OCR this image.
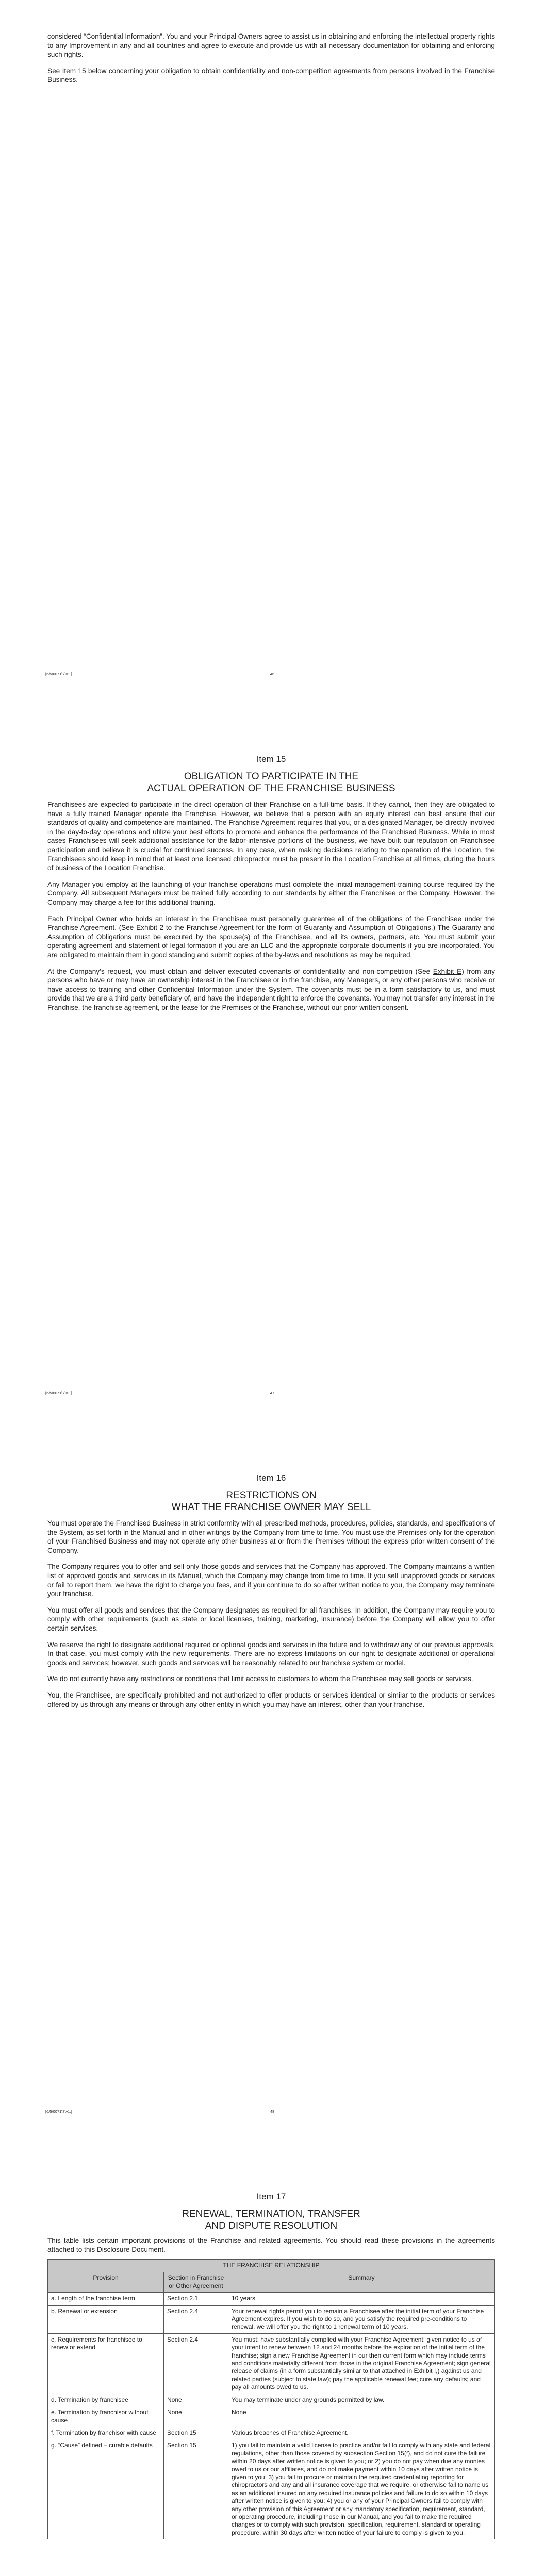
considered “Confidential Information”. You and your Principal Owners agree to assist us in obtaining and enforcing the intellectual property rights to any Improvement in any and all countries and agree to execute and provide us with all necessary documentation for obtaining and enforcing such rights.

See Item 15 below concerning your obligation to obtain confidentiality and non-competition agreements from persons involved in the Franchise Business.

[6/5/0071\7\v1.]	46
Item 15
OBLIGATION TO PARTICIPATE IN THE
ACTUAL OPERATION OF THE FRANCHISE BUSINESS

Franchisees are expected to participate in the direct operation of their Franchise on a full-time basis. If they cannot, then they are obligated to have a fully trained Manager operate the Franchise. However, we believe that a person with an equity interest can best ensure that our standards of quality and competence are maintained. The Franchise Agreement requires that you, or a designated Manager, be directly involved in the day-to-day operations and utilize your best efforts to promote and enhance the performance of the Franchised Business. While in most cases Franchisees will seek additional assistance for the labor-intensive portions of the business, we have built our reputation on Franchisee participation and believe it is crucial for continued success. In any case, when making decisions relating to the operation of the Location, the Franchisees should keep in mind that at least one licensed chiropractor must be present in the Location Franchise at all times, during the hours of business of the Location Franchise.

Any Manager you employ at the launching of your franchise operations must complete the initial management-training course required by the Company. All subsequent Managers must be trained fully according to our standards by either the Franchisee or the Company. However, the Company may charge a fee for this additional training.

Each Principal Owner who holds an interest in the Franchisee must personally guarantee all of the obligations of the Franchisee under the Franchise Agreement. (See Exhibit 2 to the Franchise Agreement for the form of Guaranty and Assumption of Obligations.) The Guaranty and Assumption of Obligations must be executed by the spouse(s) of the Franchisee, and all its owners, partners, etc. You must submit your operating agreement and statement of legal formation if you are an LLC and the appropriate corporate documents if you are incorporated. You are obligated to maintain them in good standing and submit copies of the by-laws and resolutions as may be required.

At the Company’s request, you must obtain and deliver executed covenants of confidentiality and non-competition (See Exhibit E) from any persons who have or may have an ownership interest in the Franchisee or in the franchise, any Managers, or any other persons who receive or have access to training and other Confidential Information under the System. The covenants must be in a form satisfactory to us, and must provide that we are a third party beneficiary of, and have the independent right to enforce the covenants. You may not transfer any interest in the Franchise, the franchise agreement, or the lease for the Premises of the Franchise, without our prior written consent.

[6/5/0071\7\v1.]	47
Item 16
RESTRICTIONS ON
WHAT THE FRANCHISE OWNER MAY SELL

You must operate the Franchised Business in strict conformity with all prescribed methods, procedures, policies, standards, and specifications of the System, as set forth in the Manual and in other writings by the Company from time to time. You must use the Premises only for the operation of your Franchised Business and may not operate any other business at or from the Premises without the express prior written consent of the Company.

The Company requires you to offer and sell only those goods and services that the Company has approved. The Company maintains a written list of approved goods and services in its Manual, which the Company may change from time to time. If you sell unapproved goods or services or fail to report them, we have the right to charge you fees, and if you continue to do so after written notice to you, the Company may terminate your franchise.

You must offer all goods and services that the Company designates as required for all franchises. In addition, the Company may require you to comply with other requirements (such as state or local licenses, training, marketing, insurance) before the Company will allow you to offer certain services.

We reserve the right to designate additional required or optional goods and services in the future and to withdraw any of our previous approvals. In that case, you must comply with the new requirements. There are no express limitations on our right to designate additional or operational goods and services; however, such goods and services will be reasonably related to our franchise system or model.

We do not currently have any restrictions or conditions that limit access to customers to whom the Franchisee may sell goods or services.

You, the Franchisee, are specifically prohibited and not authorized to offer products or services identical or similar to the products or services offered by us through any means or through any other entity in which you may have an interest, other than your franchise.

[6/5/0071\7\v1.]	48
Item 17
RENEWAL, TERMINATION, TRANSFER
AND DISPUTE RESOLUTION

This table lists certain important provisions of the Franchise and related agreements. You should read these provisions in the agreements attached to this Disclosure Document.

THE FRANCHISE RELATIONSHIP		
Provision	Section in Franchise or Other Agreement	Summary
a. Length of the franchise term	Section 2.1	10 years
b. Renewal or extension	Section 2.4	Your renewal rights permit you to remain a Franchisee after the initial term of your Franchise Agreement expires. If you wish to do so, and you satisfy the required pre-conditions to renewal, we will offer you the right to 1 renewal term of 10 years.
c. Requirements for franchisee to renew or extend	Section 2.4	You must: have substantially complied with your Franchise Agreement; given notice to us of your intent to renew between 12 and 24 months before the expiration of the initial term of the franchise; sign a new Franchise Agreement in our then current form which may include terms and conditions materially different from those in the original Franchise Agreement; sign general release of claims (in a form substantially similar to that attached in Exhibit I,) against us and related parties (subject to state law); pay the applicable renewal fee; cure any defaults; and pay all amounts owed to us.
d. Termination by franchisee	None	You may terminate under any grounds permitted by law.
e. Termination by franchisor without cause	None	None
f. Termination by franchisor with cause	Section 15	Various breaches of Franchise Agreement.
g. “Cause” defined – curable defaults	Section 15	1) you fail to maintain a valid license to practice and/or fail to comply with any state and federal regulations, other than those covered by subsection Section 15(f), and do not cure the failure within 20 days after written notice is given to you; or 2) you do not pay when due any monies owed to us or our affiliates, and do not make payment within 10 days after written notice is given to you; 3) you fail to procure or maintain the required credentialing reporting for chiropractors and any and all insurance coverage that we require, or otherwise fail to name us as an additional insured on any required insurance policies and failure to do so within 10 days after written notice is given to you; 4) you or any of your Principal Owners fail to comply with any other provision of this Agreement or any mandatory specification, requirement, standard, or operating procedure, including those in our Manual, and you fail to make the required changes or to comply with such provision, specification, requirement, standard or operating procedure, within 30 days after written notice of your failure to comply is given to you.
